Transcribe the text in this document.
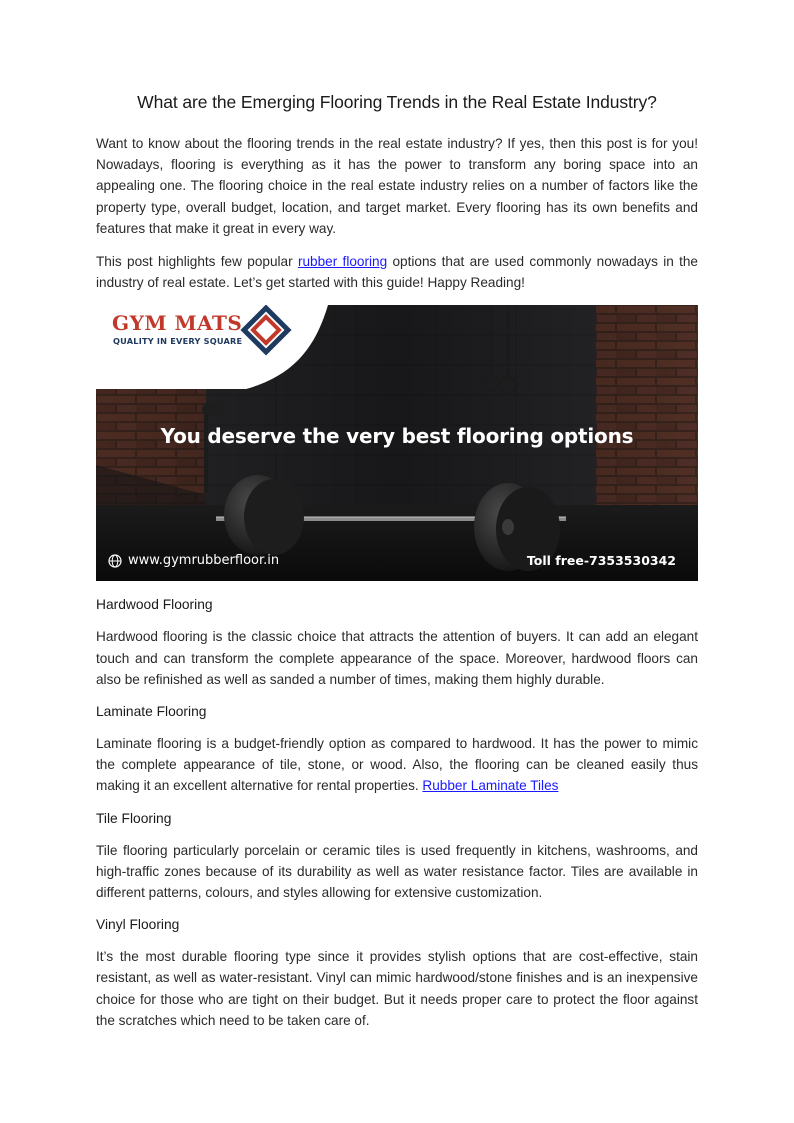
What are the Emerging Flooring Trends in the Real Estate Industry?

Want to know about the flooring trends in the real estate industry? If yes, then this post is for you! Nowadays, flooring is everything as it has the power to transform any boring space into an appealing one. The flooring choice in the real estate industry relies on a number of factors like the property type, overall budget, location, and target market. Every flooring has its own benefits and features that make it great in every way.

This post highlights few popular rubber flooring options that are used commonly nowadays in the industry of real estate. Let’s get started with this guide! Happy Reading!

GYM MATS
QUALITY IN EVERY SQUARE
You deserve the very best flooring options
www.gymrubberfloor.in	Toll free-7353530342
Hardwood Flooring

Hardwood flooring is the classic choice that attracts the attention of buyers. It can add an elegant touch and can transform the complete appearance of the space. Moreover, hardwood floors can also be refinished as well as sanded a number of times, making them highly durable.

Laminate Flooring

Laminate flooring is a budget-friendly option as compared to hardwood. It has the power to mimic the complete appearance of tile, stone, or wood. Also, the flooring can be cleaned easily thus making it an excellent alternative for rental properties. Rubber Laminate Tiles

Tile Flooring

Tile flooring particularly porcelain or ceramic tiles is used frequently in kitchens, washrooms, and high-traffic zones because of its durability as well as water resistance factor. Tiles are available in different patterns, colours, and styles allowing for extensive customization.

Vinyl Flooring

It’s the most durable flooring type since it provides stylish options that are cost-effective, stain resistant, as well as water-resistant. Vinyl can mimic hardwood/stone finishes and is an inexpensive choice for those who are tight on their budget. But it needs proper care to protect the floor against the scratches which need to be taken care of.
